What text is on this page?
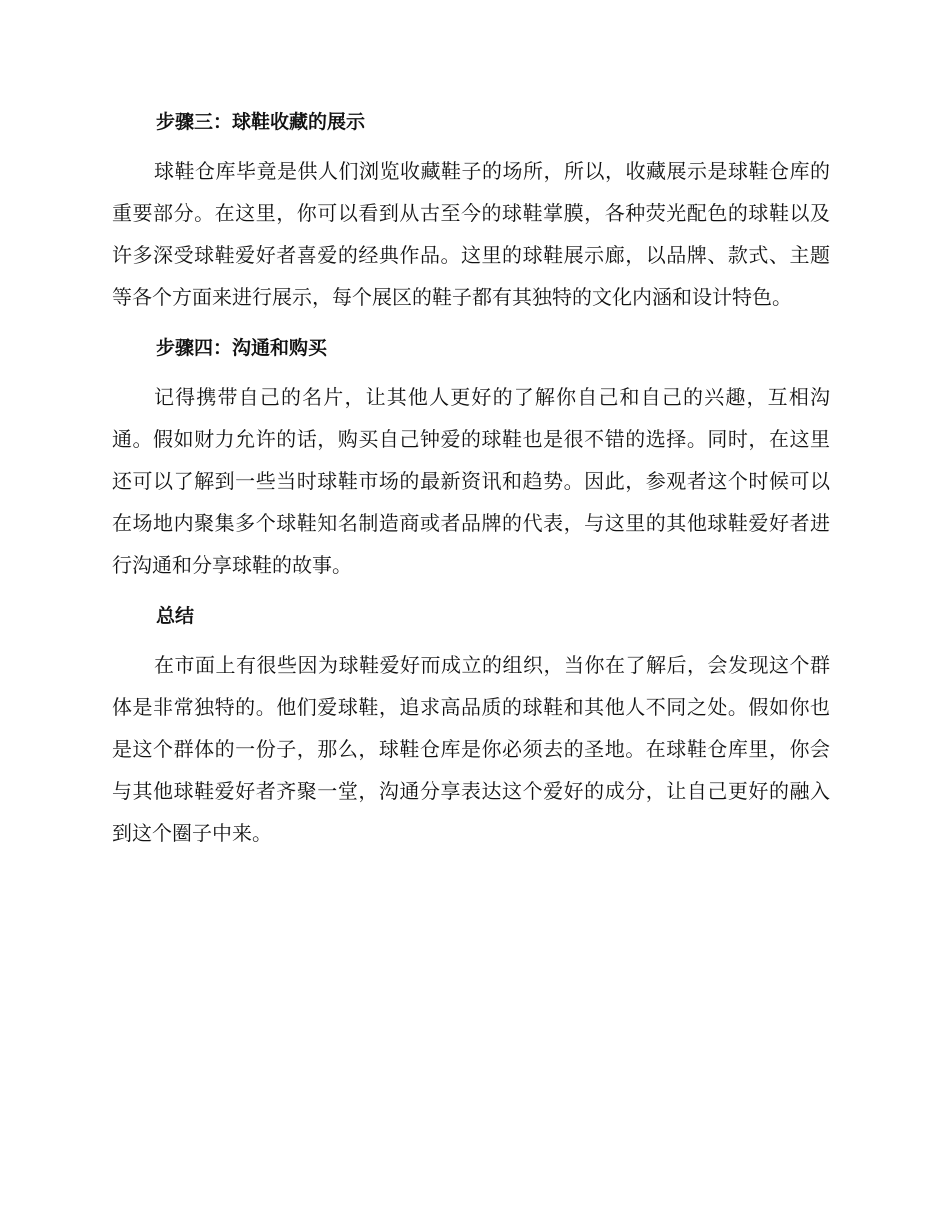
步骤三：球鞋收藏的展示

球鞋仓库毕竟是供人们浏览收藏鞋子的场所，所以，收藏展示是球鞋仓库的重要部分。在这里，你可以看到从古至今的球鞋掌膜，各种荧光配色的球鞋以及许多深受球鞋爱好者喜爱的经典作品。这里的球鞋展示廊，以品牌、款式、主题等各个方面来进行展示，每个展区的鞋子都有其独特的文化内涵和设计特色。

步骤四：沟通和购买

记得携带自己的名片，让其他人更好的了解你自己和自己的兴趣，互相沟通。假如财力允许的话，购买自己钟爱的球鞋也是很不错的选择。同时，在这里还可以了解到一些当时球鞋市场的最新资讯和趋势。因此，参观者这个时候可以在场地内聚集多个球鞋知名制造商或者品牌的代表，与这里的其他球鞋爱好者进行沟通和分享球鞋的故事。

总结

在市面上有很些因为球鞋爱好而成立的组织，当你在了解后，会发现这个群体是非常独特的。他们爱球鞋，追求高品质的球鞋和其他人不同之处。假如你也是这个群体的一份子，那么，球鞋仓库是你必须去的圣地。在球鞋仓库里，你会与其他球鞋爱好者齐聚一堂，沟通分享表达这个爱好的成分，让自己更好的融入到这个圈子中来。
